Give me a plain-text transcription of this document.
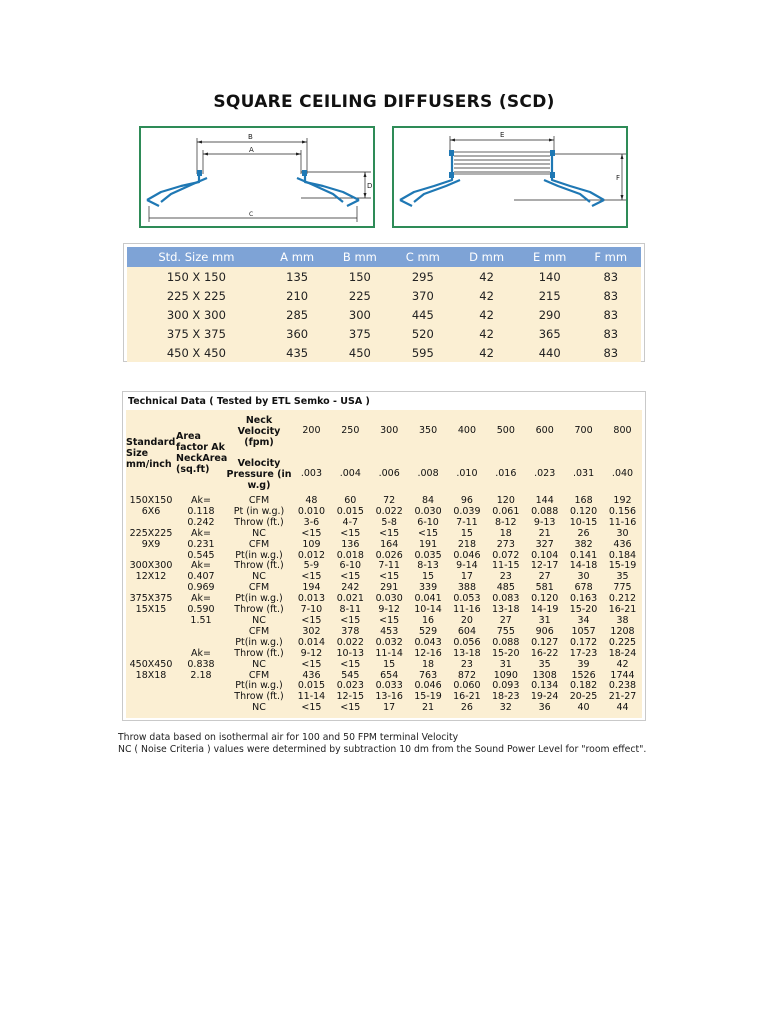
SQUARE CEILING DIFFUSERS (SCD)
B
A
D
C
E
F
Std. Size mm	A mm	B mm	C mm	D mm	E mm	F mm
150 X 150	135	150	295	42	140	83
225 X 225	210	225	370	42	215	83
300 X 300	285	300	445	42	290	83
375 X 375	360	375	520	42	365	83
450 X 450	435	450	595	42	440	83
Technical Data ( Tested by ETL Semko - USA )
Standard Size mm/inch	Area factor Ak NeckArea (sq.ft)	Neck Velocity (fpm)	200	250	300	350	400	500	600	700	800
		Velocity Pressure (in w.g)	.003	.004	.006	.008	.010	.016	.023	.031	.040
150X150	Ak=	CFM	48	60	72	84	96	120	144	168	192
6X6	0.118	Pt (in w.g.)	0.010	0.015	0.022	0.030	0.039	0.061	0.088	0.120	0.156
	0.242	Throw (ft.)	3-6	4-7	5-8	6-10	7-11	8-12	9-13	10-15	11-16
225X225	Ak=	NC	<15	<15	<15	<15	15	18	21	26	30
9X9	0.231	CFM	109	136	164	191	218	273	327	382	436
	0.545	Pt(in w.g.)	0.012	0.018	0.026	0.035	0.046	0.072	0.104	0.141	0.184
300X300	Ak=	Throw (ft.)	5-9	6-10	7-11	8-13	9-14	11-15	12-17	14-18	15-19
12X12	0.407	NC	<15	<15	<15	15	17	23	27	30	35
	0.969	CFM	194	242	291	339	388	485	581	678	775
375X375	Ak=	Pt(in w.g.)	0.013	0.021	0.030	0.041	0.053	0.083	0.120	0.163	0.212
15X15	0.590	Throw (ft.)	7-10	8-11	9-12	10-14	11-16	13-18	14-19	15-20	16-21
	1.51	NC	<15	<15	<15	16	20	27	31	34	38
		CFM	302	378	453	529	604	755	906	1057	1208
		Pt(in w.g.)	0.014	0.022	0.032	0.043	0.056	0.088	0.127	0.172	0.225
	Ak=	Throw (ft.)	9-12	10-13	11-14	12-16	13-18	15-20	16-22	17-23	18-24
450X450	0.838	NC	<15	<15	15	18	23	31	35	39	42
18X18	2.18	CFM	436	545	654	763	872	1090	1308	1526	1744
		Pt(in w.g.)	0.015	0.023	0.033	0.046	0.060	0.093	0.134	0.182	0.238
		Throw (ft.)	11-14	12-15	13-16	15-19	16-21	18-23	19-24	20-25	21-27
		NC	<15	<15	17	21	26	32	36	40	44
Throw data based on isothermal air for 100 and 50 FPM terminal Velocity
NC ( Noise Criteria ) values were determined by subtraction 10 dm from the Sound Power Level for "room effect".
